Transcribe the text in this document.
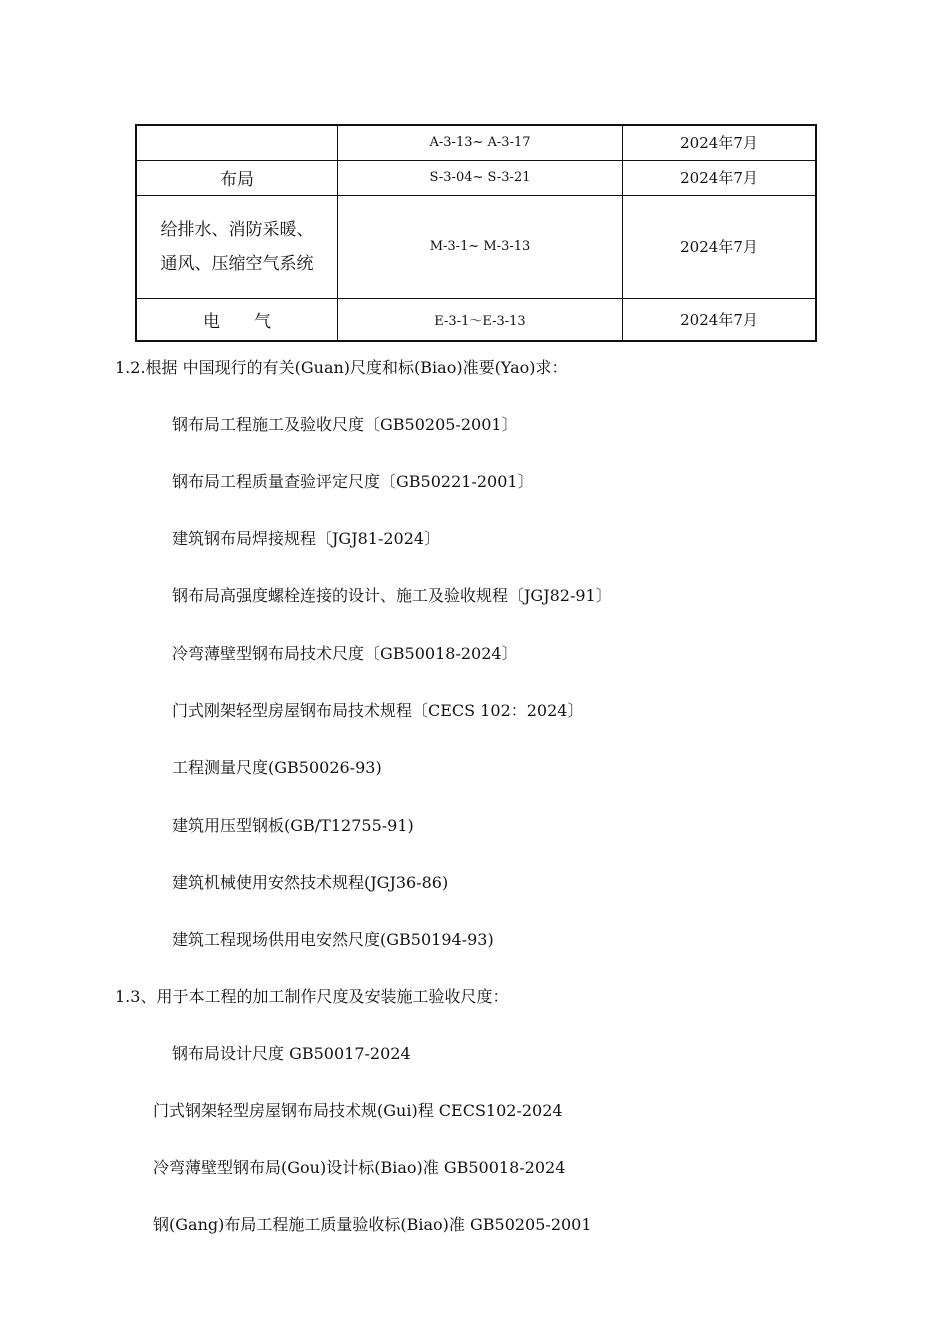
	A-3-13~ A-3-17	2024年7月
布局	S-3-04~ S-3-21	2024年7月

给排水、消防采暖、
通风、压缩空气系统	M-3-1~ M-3-13	2024年7月
电　　气	E-3-1～E-3-13	2024年7月
1.2.根据 中国现行的有关(Guan)尺度和标(Biao)准要(Yao)求：
钢布局工程施工及验收尺度〔GB50205-2001〕
钢布局工程质量查验评定尺度〔GB50221-2001〕
建筑钢布局焊接规程〔JGJ81-2024〕
钢布局高强度螺栓连接的设计、施工及验收规程〔JGJ82-91〕
冷弯薄壁型钢布局技术尺度〔GB50018-2024〕
门式刚架轻型房屋钢布局技术规程〔CECS 102：2024〕
工程测量尺度(GB50026-93)
建筑用压型钢板(GB/T12755-91)
建筑机械使用安然技术规程(JGJ36-86)
建筑工程现场供用电安然尺度(GB50194-93)
1.3、用于本工程的加工制作尺度及安装施工验收尺度：
钢布局设计尺度 GB50017-2024
门式钢架轻型房屋钢布局技术规(Gui)程 CECS102-2024
冷弯薄壁型钢布局(Gou)设计标(Biao)准 GB50018-2024
钢(Gang)布局工程施工质量验收标(Biao)准 GB50205-2001
